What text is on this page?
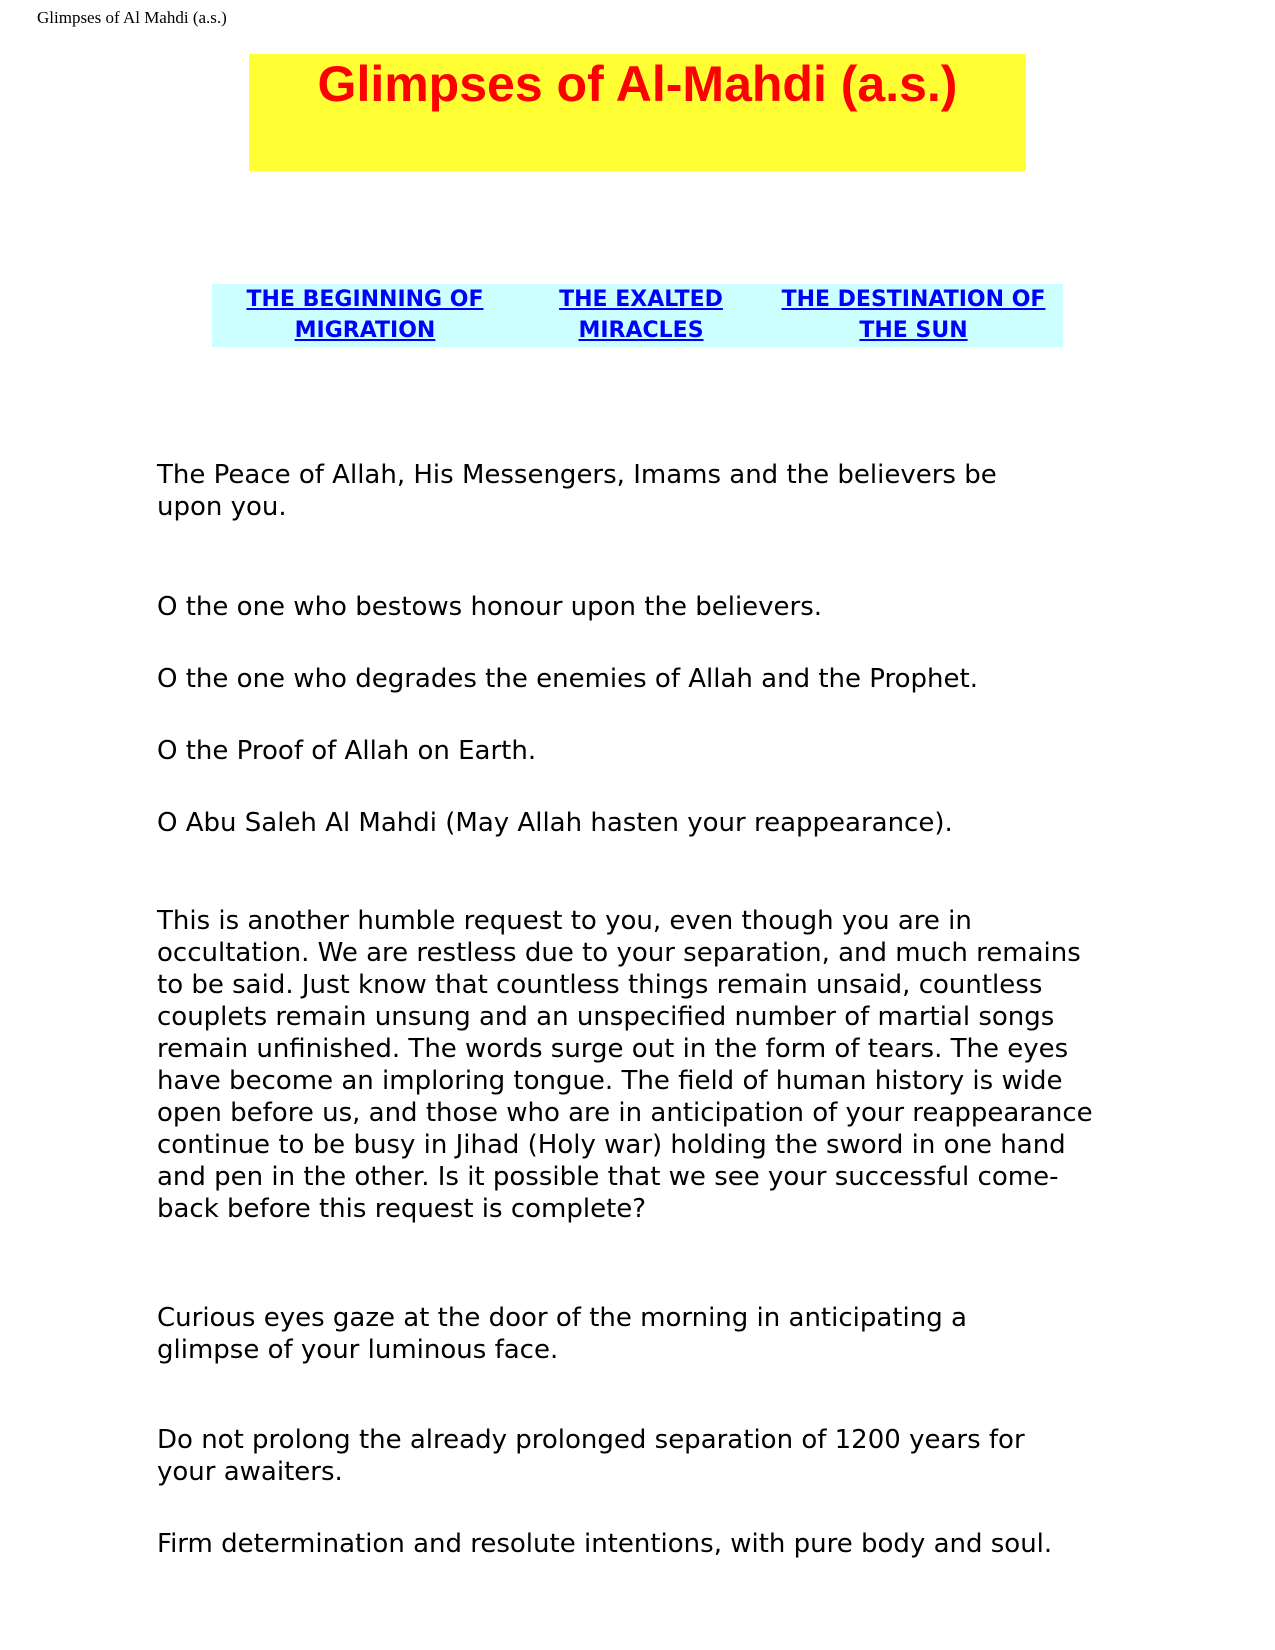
Glimpses of Al Mahdi (a.s.)
Glimpses of Al-Mahdi (a.s.)
THE BEGINNING OF
MIGRATION
THE EXALTED
MIRACLES
THE DESTINATION OF
THE SUN

The Peace of Allah, His Messengers, Imams and the believers be upon you.

O the one who bestows honour upon the believers.

O the one who degrades the enemies of Allah and the Prophet.

O the Proof of Allah on Earth.

O Abu Saleh Al Mahdi (May Allah hasten your reappearance).

This is another humble request to you, even though you are in occultation. We are restless due to your separation, and much remains to be said. Just know that countless things remain unsaid, countless couplets remain unsung and an unspecified number of martial songs remain unfinished. The words surge out in the form of tears. The eyes have become an imploring tongue. The field of human history is wide open before us, and those who are in anticipation of your reappearance continue to be busy in Jihad (Holy war) holding the sword in one hand and pen in the other. Is it possible that we see your successful come-back before this request is complete?

Curious eyes gaze at the door of the morning in anticipating a glimpse of your luminous face.

Do not prolong the already prolonged separation of 1200 years for your awaiters.

Firm determination and resolute intentions, with pure body and soul.
